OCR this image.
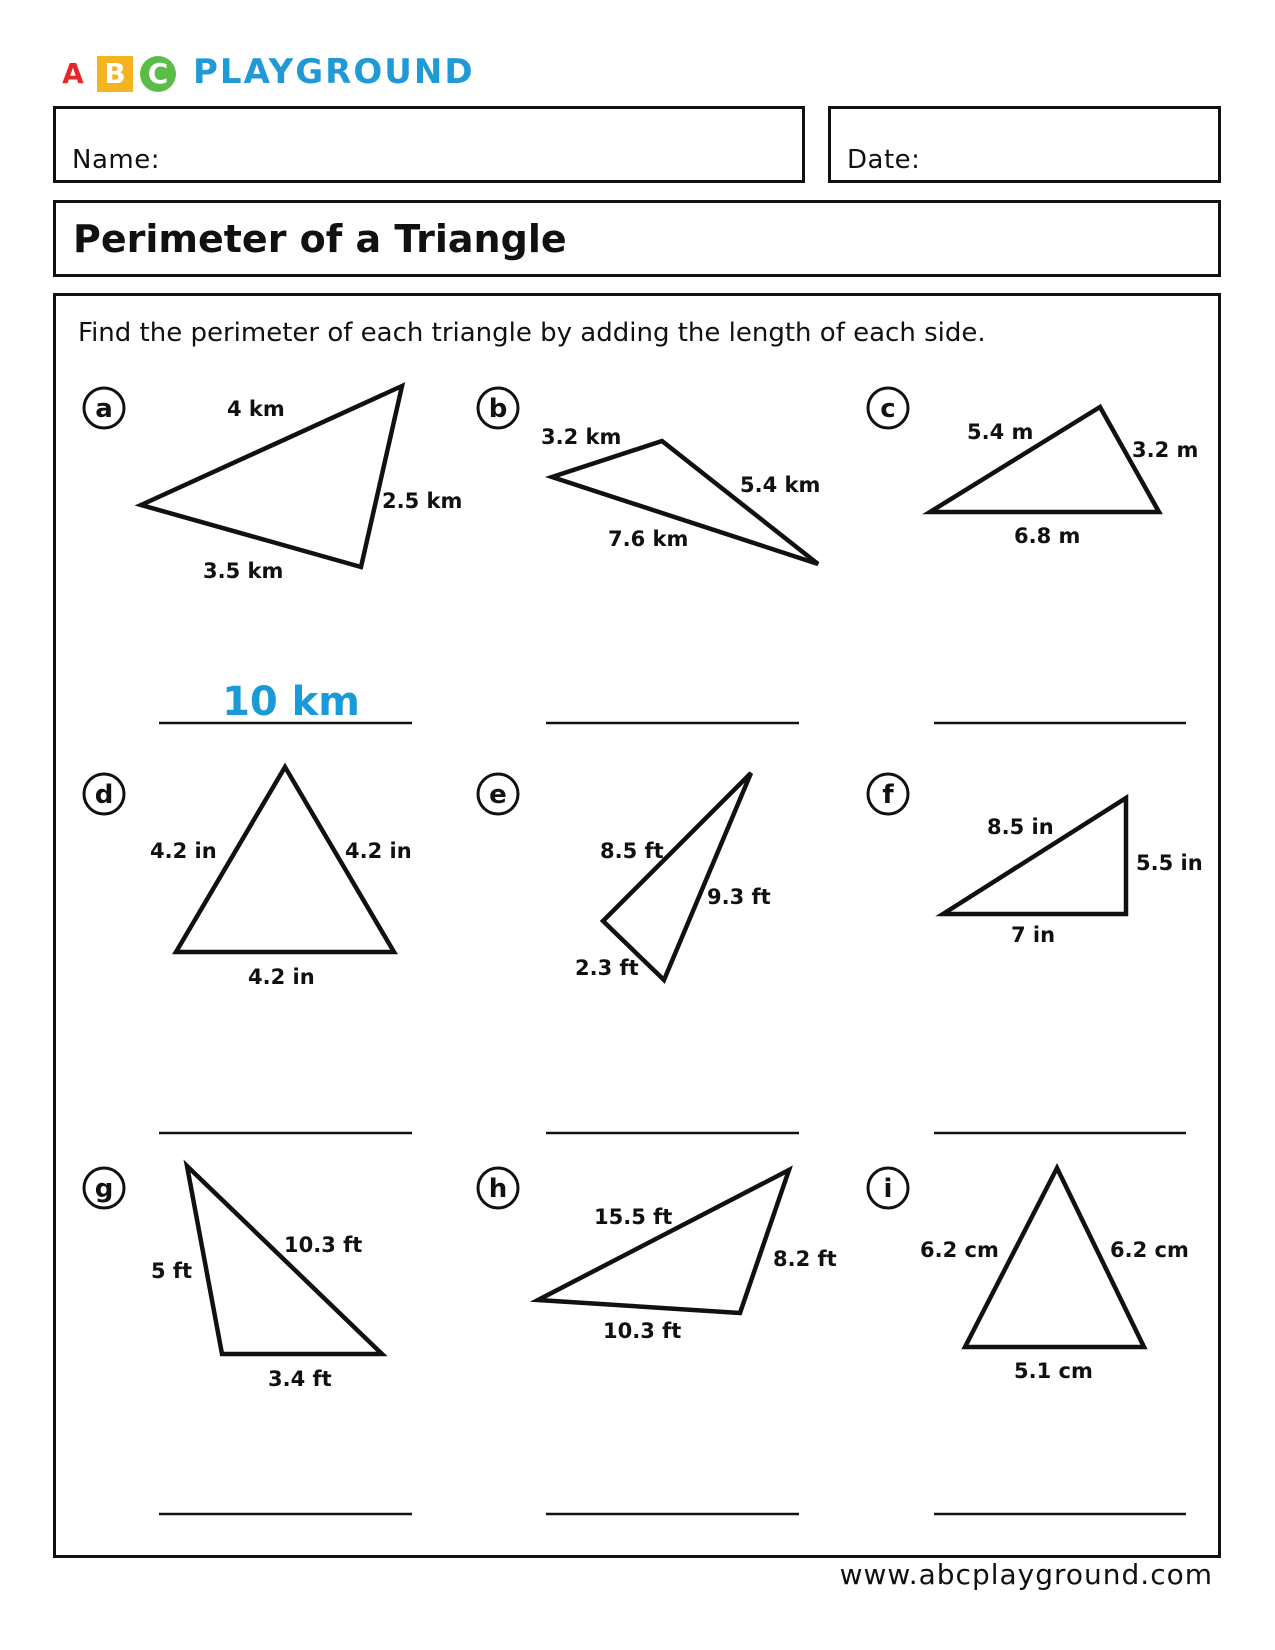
A B C PLAYGROUND
Name:	Date:
Perimeter of a Triangle
Find the perimeter of each triangle by adding the length of each side.
a	4 km
2.5 km
3.5 km
10 km
b
3.2 km
5.4 km
7.6 km
c
5.4 m
3.2 m
6.8 m
d
4.2 in	4.2 in
4.2 in
e
8.5 ft
9.3 ft
2.3 ft
f
8.5 in
5.5 in
7 in
g
5 ft
10.3 ft
3.4 ft
h
15.5 ft
8.2 ft
10.3 ft
i
6.2 cm	6.2 cm
5.1 cm
www.abcplayground.com
